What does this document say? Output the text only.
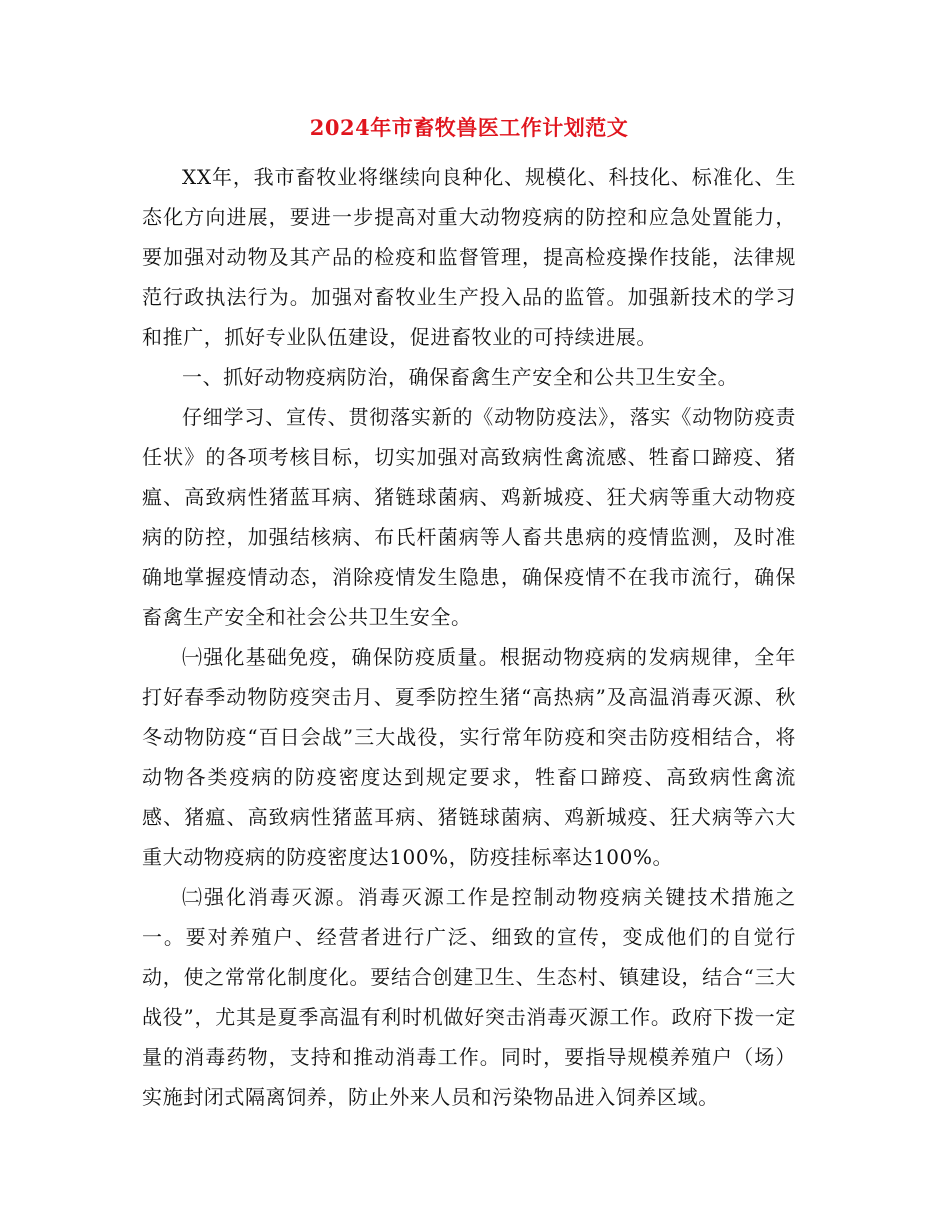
2024年市畜牧兽医工作计划范文

XX年，我市畜牧业将继续向良种化、规模化、科技化、标准化、生态化方向进展，要进一步提高对重大动物疫病的防控和应急处置能力，要加强对动物及其产品的检疫和监督管理，提高检疫操作技能，法律规范行政执法行为。加强对畜牧业生产投入品的监管。加强新技术的学习和推广，抓好专业队伍建设，促进畜牧业的可持续进展。

一、抓好动物疫病防治，确保畜禽生产安全和公共卫生安全。

仔细学习、宣传、贯彻落实新的《动物防疫法》，落实《动物防疫责任状》的各项考核目标，切实加强对高致病性禽流感、牲畜口蹄疫、猪瘟、高致病性猪蓝耳病、猪链球菌病、鸡新城疫、狂犬病等重大动物疫病的防控，加强结核病、布氏杆菌病等人畜共患病的疫情监测，及时准确地掌握疫情动态，消除疫情发生隐患，确保疫情不在我市流行，确保畜禽生产安全和社会公共卫生安全。

㈠强化基础免疫，确保防疫质量。根据动物疫病的发病规律，全年打好春季动物防疫突击月、夏季防控生猪“高热病”及高温消毒灭源、秋冬动物防疫“百日会战”三大战役，实行常年防疫和突击防疫相结合，将动物各类疫病的防疫密度达到规定要求，牲畜口蹄疫、高致病性禽流感、猪瘟、高致病性猪蓝耳病、猪链球菌病、鸡新城疫、狂犬病等六大重大动物疫病的防疫密度达100%，防疫挂标率达100%。

㈡强化消毒灭源。消毒灭源工作是控制动物疫病关键技术措施之一。要对养殖户、经营者进行广泛、细致的宣传，变成他们的自觉行动，使之常常化制度化。要结合创建卫生、生态村、镇建设，结合“三大战役”，尤其是夏季高温有利时机做好突击消毒灭源工作。政府下拨一定量的消毒药物，支持和推动消毒工作。同时，要指导规模养殖户（场）实施封闭式隔离饲养，防止外来人员和污染物品进入饲养区域。
